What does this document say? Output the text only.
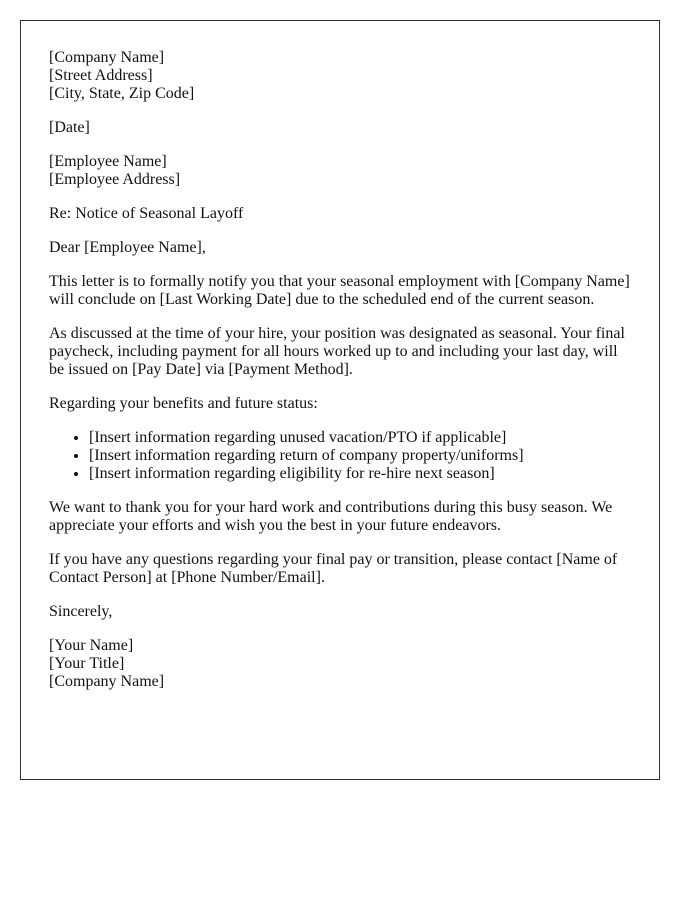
[Company Name]
[Street Address]
[City, State, Zip Code]

[Date]

[Employee Name]
[Employee Address]

Re: Notice of Seasonal Layoff

Dear [Employee Name],

This letter is to formally notify you that your seasonal employment with [Company Name] will conclude on [Last Working Date] due to the scheduled end of the current season.

As discussed at the time of your hire, your position was designated as seasonal. Your final paycheck, including payment for all hours worked up to and including your last day, will be issued on [Pay Date] via [Payment Method].

Regarding your benefits and future status:

• [Insert information regarding unused vacation/PTO if applicable]
• [Insert information regarding return of company property/uniforms]
• [Insert information regarding eligibility for re-hire next season]

We want to thank you for your hard work and contributions during this busy season. We appreciate your efforts and wish you the best in your future endeavors.

If you have any questions regarding your final pay or transition, please contact [Name of Contact Person] at [Phone Number/Email].

Sincerely,

[Your Name]
[Your Title]
[Company Name]
